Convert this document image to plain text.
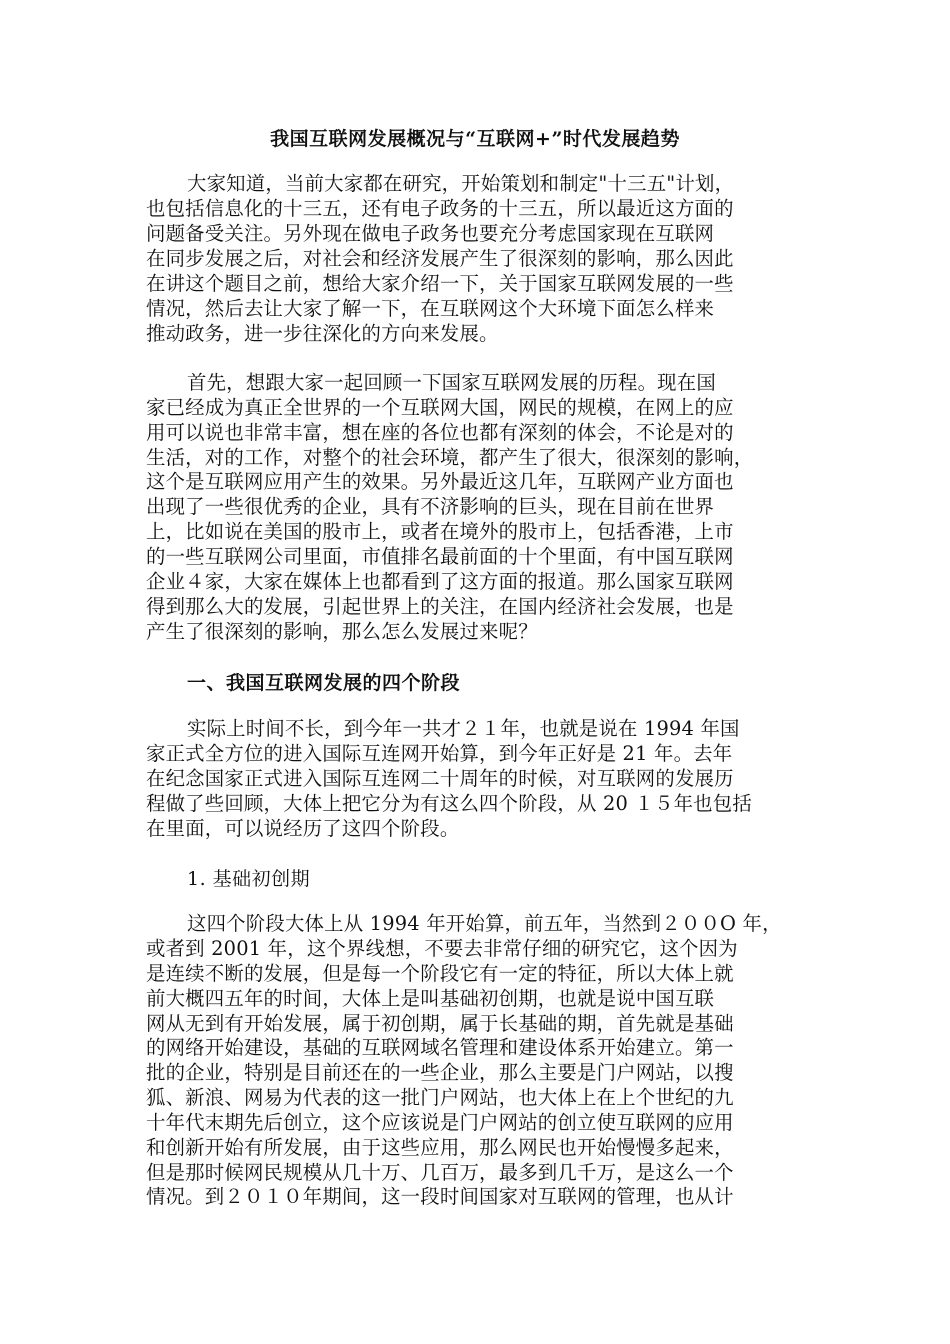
我国互联网发展概况与“互联网+”时代发展趋势
大家知道，当前大家都在研究，开始策划和制定"十三五"计划，
也包括信息化的十三五，还有电子政务的十三五，所以最近这方面的
问题备受关注。另外现在做电子政务也要充分考虑国家现在互联网
在同步发展之后，对社会和经济发展产生了很深刻的影响，那么因此
在讲这个题目之前，想给大家介绍一下，关于国家互联网发展的一些
情况，然后去让大家了解一下，在互联网这个大环境下面怎么样来
推动政务，进一步往深化的方向来发展。
首先，想跟大家一起回顾一下国家互联网发展的历程。现在国
家已经成为真正全世界的一个互联网大国，网民的规模，在网上的应
用可以说也非常丰富，想在座的各位也都有深刻的体会，不论是对的
生活，对的工作，对整个的社会环境，都产生了很大，很深刻的影响，
这个是互联网应用产生的效果。另外最近这几年，互联网产业方面也
出现了一些很优秀的企业，具有不济影响的巨头，现在目前在世界
上，比如说在美国的股市上，或者在境外的股市上，包括香港，上市
的一些互联网公司里面，市值排名最前面的十个里面，有中国互联网
企业４家，大家在媒体上也都看到了这方面的报道。那么国家互联网
得到那么大的发展，引起世界上的关注，在国内经济社会发展，也是
产生了很深刻的影响，那么怎么发展过来呢？
一、我国互联网发展的四个阶段
实际上时间不长，到今年一共才２１年，也就是说在 1994 年国
家正式全方位的进入国际互连网开始算，到今年正好是 21 年。去年
在纪念国家正式进入国际互连网二十周年的时候，对互联网的发展历
程做了些回顾，大体上把它分为有这么四个阶段，从 20 １５年也包括
在里面，可以说经历了这四个阶段。
1. 基础初创期
这四个阶段大体上从 1994 年开始算，前五年，当然到２００O 年，
或者到 2001 年，这个界线想，不要去非常仔细的研究它，这个因为
是连续不断的发展，但是每一个阶段它有一定的特征，所以大体上就
前大概四五年的时间，大体上是叫基础初创期，也就是说中国互联
网从无到有开始发展，属于初创期，属于长基础的期，首先就是基础
的网络开始建设，基础的互联网域名管理和建设体系开始建立。第一
批的企业，特别是目前还在的一些企业，那么主要是门户网站，以搜
狐、新浪、网易为代表的这一批门户网站，也大体上在上个世纪的九
十年代末期先后创立，这个应该说是门户网站的创立使互联网的应用
和创新开始有所发展，由于这些应用，那么网民也开始慢慢多起来，
但是那时候网民规模从几十万、几百万，最多到几千万，是这么一个
情况。到２０１０年期间，这一段时间国家对互联网的管理，也从计
